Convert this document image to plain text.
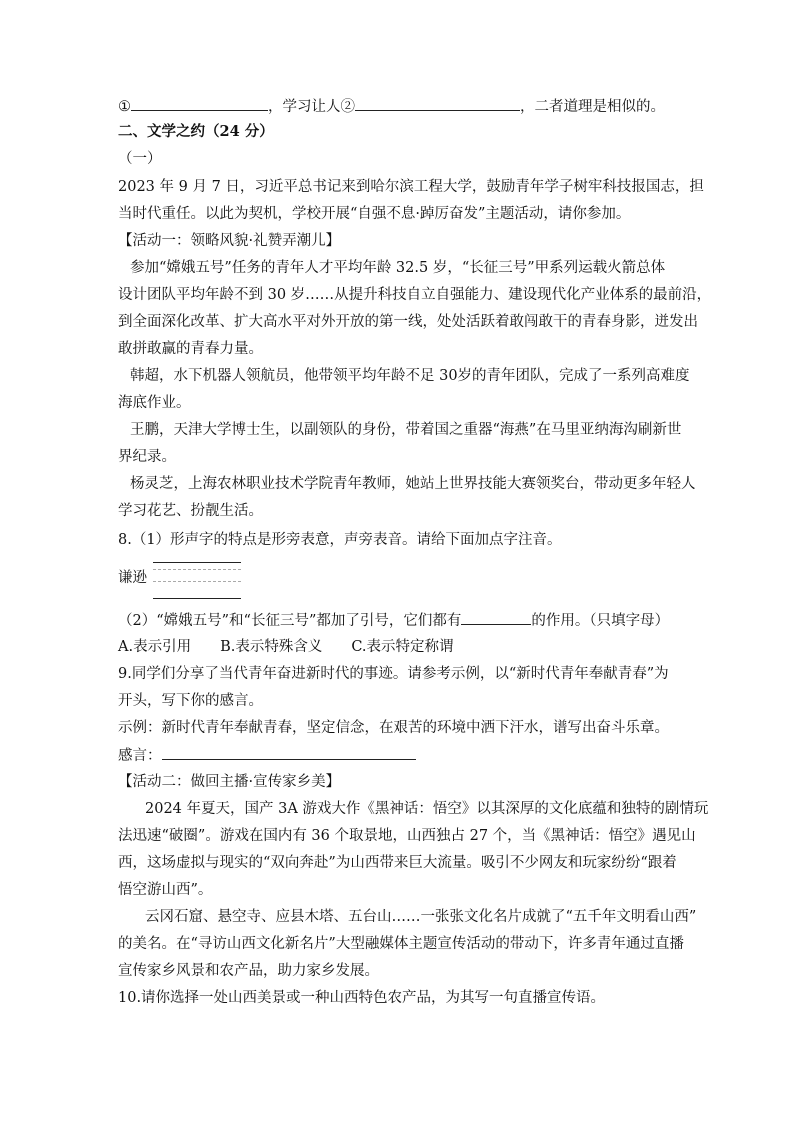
①	，学习让人②	，二者道理是相似的。
二、文学之约（24 分）
（一）
2023 年 9 月 7 日，习近平总书记来到哈尔滨工程大学，鼓励青年学子树牢科技报国志，担
当时代重任。以此为契机，学校开展“自强不息·踔厉奋发”主题活动，请你参加。
【活动一：领略风貌·礼赞弄潮儿】
参加“嫦娥五号”任务的青年人才平均年龄 32.5 岁，“长征三号”甲系列运载火箭总体
设计团队平均年龄不到 30 岁……从提升科技自立自强能力、建设现代化产业体系的最前沿，
到全面深化改革、扩大高水平对外开放的第一线，处处活跃着敢闯敢干的青春身影，迸发出
敢拼敢赢的青春力量。
韩超，水下机器人领航员，他带领平均年龄不足 30岁的青年团队，完成了一系列高难度
海底作业。
王鹏，天津大学博士生，以副领队的身份，带着国之重器“海燕”在马里亚纳海沟刷新世
界纪录。
杨灵芝，上海农林职业技术学院青年教师，她站上世界技能大赛领奖台，带动更多年轻人
学习花艺、扮靓生活。
8.（1）形声字的特点是形旁表意，声旁表音。请给下面加点字注音。
谦逊
（2）“嫦娥五号”和“长征三号”都加了引号，它们都有	的作用。（只填字母）
A.表示引用　　B.表示特殊含义　　C.表示特定称谓
9.同学们分享了当代青年奋进新时代的事迹。请参考示例，以“新时代青年奉献青春”为
开头，写下你的感言。
示例：新时代青年奉献青春，坚定信念，在艰苦的环境中洒下汗水，谱写出奋斗乐章。
感言：
【活动二：做回主播·宣传家乡美】
2024 年夏天，国产 3A 游戏大作《黑神话：悟空》以其深厚的文化底蕴和独特的剧情玩
法迅速“破圈”。游戏在国内有 36 个取景地，山西独占 27 个，当《黑神话：悟空》遇见山
西，这场虚拟与现实的“双向奔赴”为山西带来巨大流量。吸引不少网友和玩家纷纷“跟着
悟空游山西”。
云冈石窟、悬空寺、应县木塔、五台山……一张张文化名片成就了“五千年文明看山西”
的美名。在“寻访山西文化新名片”大型融媒体主题宣传活动的带动下，许多青年通过直播
宣传家乡风景和农产品，助力家乡发展。
10.请你选择一处山西美景或一种山西特色农产品，为其写一句直播宣传语。
